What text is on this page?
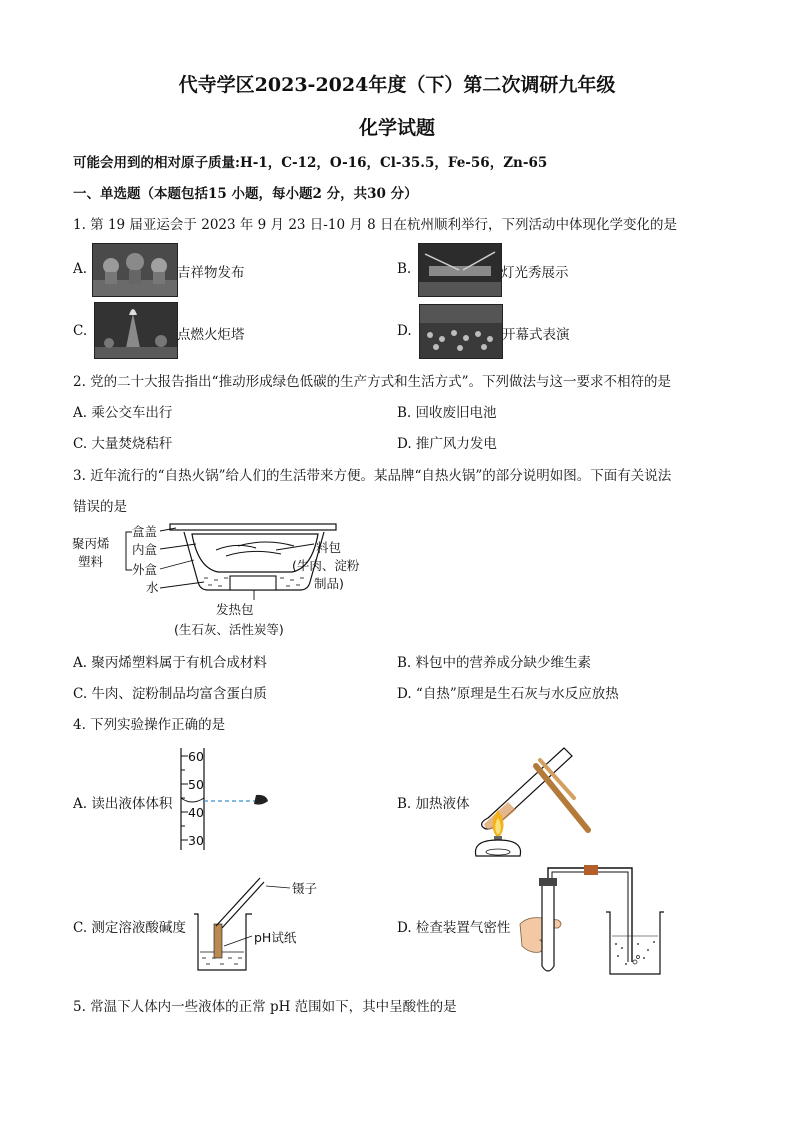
代寺学区2023-2024年度（下）第二次调研九年级
化学试题
可能会用到的相对原子质量:H-1，C-12，O-16，Cl-35.5，Fe-56，Zn-65
一、单选题（本题包括15 小题，每小题2 分，共30 分）
1. 第 19 届亚运会于 2023 年 9 月 23 日-10 月 8 日在杭州顺利举行，下列活动中体现化学变化的是
A.	吉祥物发布	B.	灯光秀展示
C.	点燃火炬塔	D.	开幕式表演
2. 党的二十大报告指出“推动形成绿色低碳的生产方式和生活方式”。下列做法与这一要求不相符的是
A. 乘公交车出行	B. 回收废旧电池
C. 大量焚烧秸秆	D. 推广风力发电
3. 近年流行的“自热火锅”给人们的生活带来方便。某品牌“自热火锅”的部分说明如图。下面有关说法
错误的是
聚丙烯
塑料
盒盖
内盒
外盒
水
料包
(牛肉、淀粉
制品)
发热包
(生石灰、活性炭等)
A. 聚丙烯塑料属于有机合成材料	B. 料包中的营养成分缺少维生素
C. 牛肉、淀粉制品均富含蛋白质	D. “自热”原理是生石灰与水反应放热
4. 下列实验操作正确的是
A. 读出液体体积
60
50
40
30
B. 加热液体
C. 测定溶液酸碱度
镊子
pH试纸
D. 检查装置气密性
5. 常温下人体内一些液体的正常 pH 范围如下，其中呈酸性的是
